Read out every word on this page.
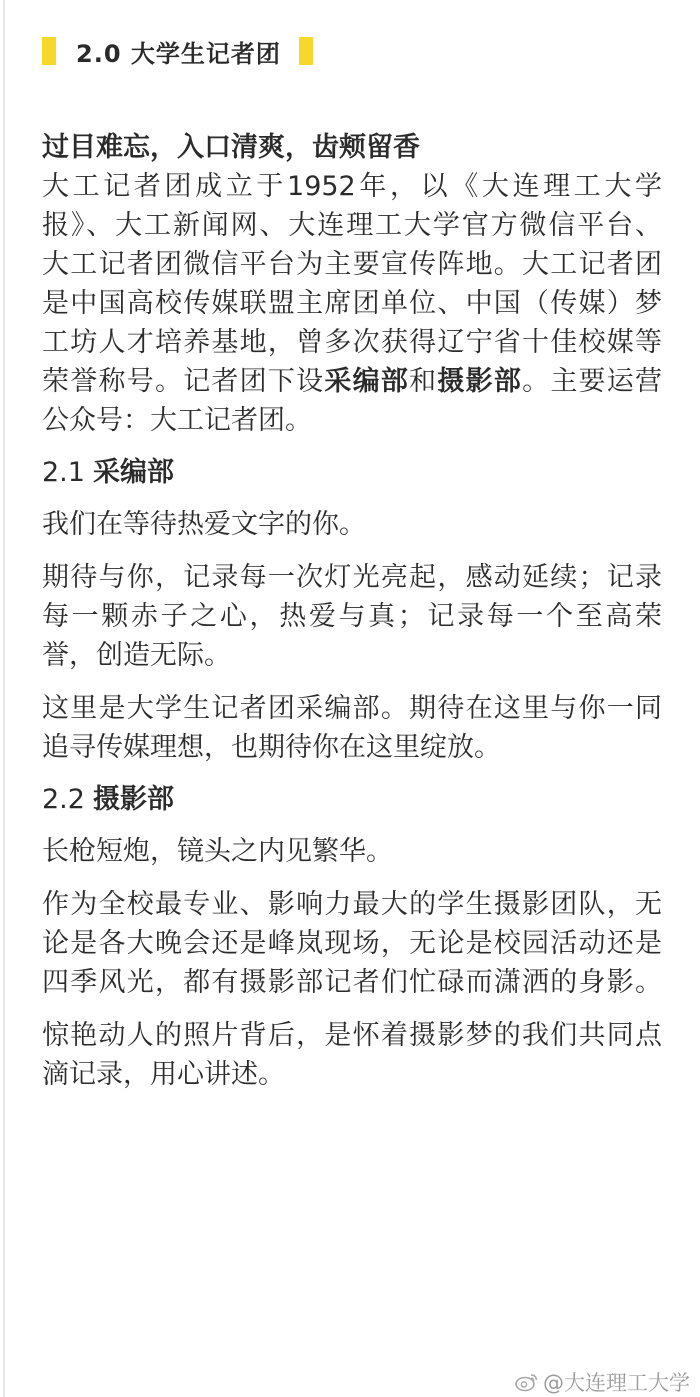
2.0 大学生记者团

过目难忘，入口清爽，齿颊留香

大工记者团成立于1952年，以《大连理工大学
报》、大工新闻网、大连理工大学官方微信平台、
大工记者团微信平台为主要宣传阵地。大工记者团
是中国高校传媒联盟主席团单位、中国（传媒）梦
工坊人才培养基地，曾多次获得辽宁省十佳校媒等
荣誉称号。记者团下设采编部和摄影部。主要运营

公众号：大工记者团。

2.1 采编部

我们在等待热爱文字的你。

期待与你，记录每一次灯光亮起，感动延续；记录
每一颗赤子之心，热爱与真；记录每一个至高荣

誉，创造无际。

这里是大学生记者团采编部。期待在这里与你一同

追寻传媒理想，也期待你在这里绽放。

2.2 摄影部

长枪短炮，镜头之内见繁华。

作为全校最专业、影响力最大的学生摄影团队，无
论是各大晚会还是峰岚现场，无论是校园活动还是
四季风光，都有摄影部记者们忙碌而潇洒的身影。
惊艳动人的照片背后，是怀着摄影梦的我们共同点

滴记录，用心讲述。

@大连理工大学
